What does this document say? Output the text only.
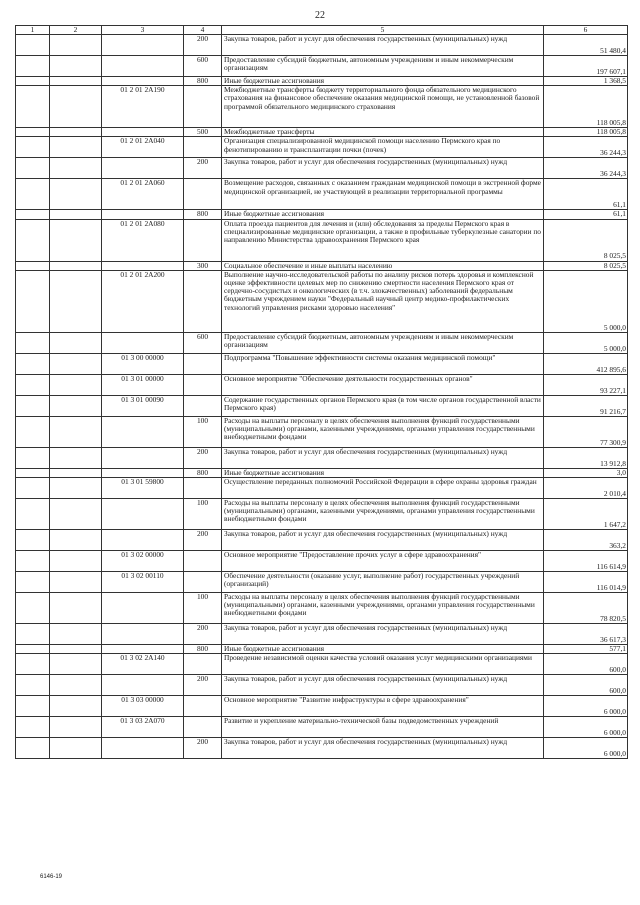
22
1	2	3	4	5	6
			200	Закупка товаров, работ и услуг для обеспечения государственных (муниципальных) нужд	51 480,4
			600	Предоставление субсидий бюджетным, автономным учреждениям и иным некоммерческим организациям	197 607,1
			800	Иные бюджетные ассигнования	1 368,5
		01 2 01 2А190		Межбюджетные трансферты бюджету территориального фонда обязательного медицинского страхования на финансовое обеспечение оказания медицинской помощи, не установленной базовой программой обязательного медицинского страхования	118 005,8
			500	Межбюджетные трансферты	118 005,8
		01 2 01 2А040		Организация специализированной медицинской помощи населению Пермского края по фенотипированию и трансплантации почки (почек)	36 244,3
			200	Закупка товаров, работ и услуг для обеспечения государственных (муниципальных) нужд	36 244,3
		01 2 01 2А060		Возмещение расходов, связанных с оказанием гражданам медицинской помощи в экстренной форме медицинской организацией, не участвующей в реализации территориальной программы	61,1
			800	Иные бюджетные ассигнования	61,1
		01 2 01 2А080		Оплата проезда пациентов для лечения и (или) обследования за пределы Пермского края в специализированные медицинские организации, а также в профильные туберкулезные санатории по направлению Министерства здравоохранения Пермского края	8 025,5
			300	Социальное обеспечение и иные выплаты населению	8 025,5
		01 2 01 2А200		Выполнение научно-исследовательской работы по анализу рисков потерь здоровья и комплексной оценке эффективности целевых мер по снижению смертности населения Пермского края от сердечно-сосудистых и онкологических (в т.ч. злокачественных) заболеваний федеральным бюджетным учреждением науки "Федеральный научный центр медико-профилактических технологий управления рисками здоровью населения"	5 000,0
			600	Предоставление субсидий бюджетным, автономным учреждениям и иным некоммерческим организациям	5 000,0
		01 3 00 00000		Подпрограмма "Повышение эффективности системы оказания медицинской помощи"	412 895,6
		01 3 01 00000		Основное мероприятие "Обеспечение деятельности государственных органов"	93 227,1
		01 3 01 00090		Содержание государственных органов Пермского края (в том числе органов государственной власти Пермского края)	91 216,7
			100	Расходы на выплаты персоналу в целях обеспечения выполнения функций государственными (муниципальными) органами, казенными учреждениями, органами управления государственными внебюджетными фондами	77 300,9
			200	Закупка товаров, работ и услуг для обеспечения государственных (муниципальных) нужд	13 912,8
			800	Иные бюджетные ассигнования	3,0
		01 3 01 59800		Осуществление переданных полномочий Российской Федерации в сфере охраны здоровья граждан	2 010,4
			100	Расходы на выплаты персоналу в целях обеспечения выполнения функций государственными (муниципальными) органами, казенными учреждениями, органами управления государственными внебюджетными фондами	1 647,2
			200	Закупка товаров, работ и услуг для обеспечения государственных (муниципальных) нужд	363,2
		01 3 02 00000		Основное мероприятие "Предоставление прочих услуг в сфере здравоохранения"	116 614,9
		01 3 02 00110		Обеспечение деятельности (оказание услуг, выполнение работ) государственных учреждений (организаций)	116 014,9
			100	Расходы на выплаты персоналу в целях обеспечения выполнения функций государственными (муниципальными) органами, казенными учреждениями, органами управления государственными внебюджетными фондами	78 820,5
			200	Закупка товаров, работ и услуг для обеспечения государственных (муниципальных) нужд	36 617,3
			800	Иные бюджетные ассигнования	577,1
		01 3 02 2А140		Проведение независимой оценки качества условий оказания услуг медицинскими организациями	600,0
			200	Закупка товаров, работ и услуг для обеспечения государственных (муниципальных) нужд	600,0
		01 3 03 00000		Основное мероприятие "Развитие инфраструктуры в сфере здравоохранения"	6 000,0
		01 3 03 2А070		Развитие и укрепление материально-технической базы подведомственных учреждений	6 000,0
			200	Закупка товаров, работ и услуг для обеспечения государственных (муниципальных) нужд	6 000,0
6146-19
